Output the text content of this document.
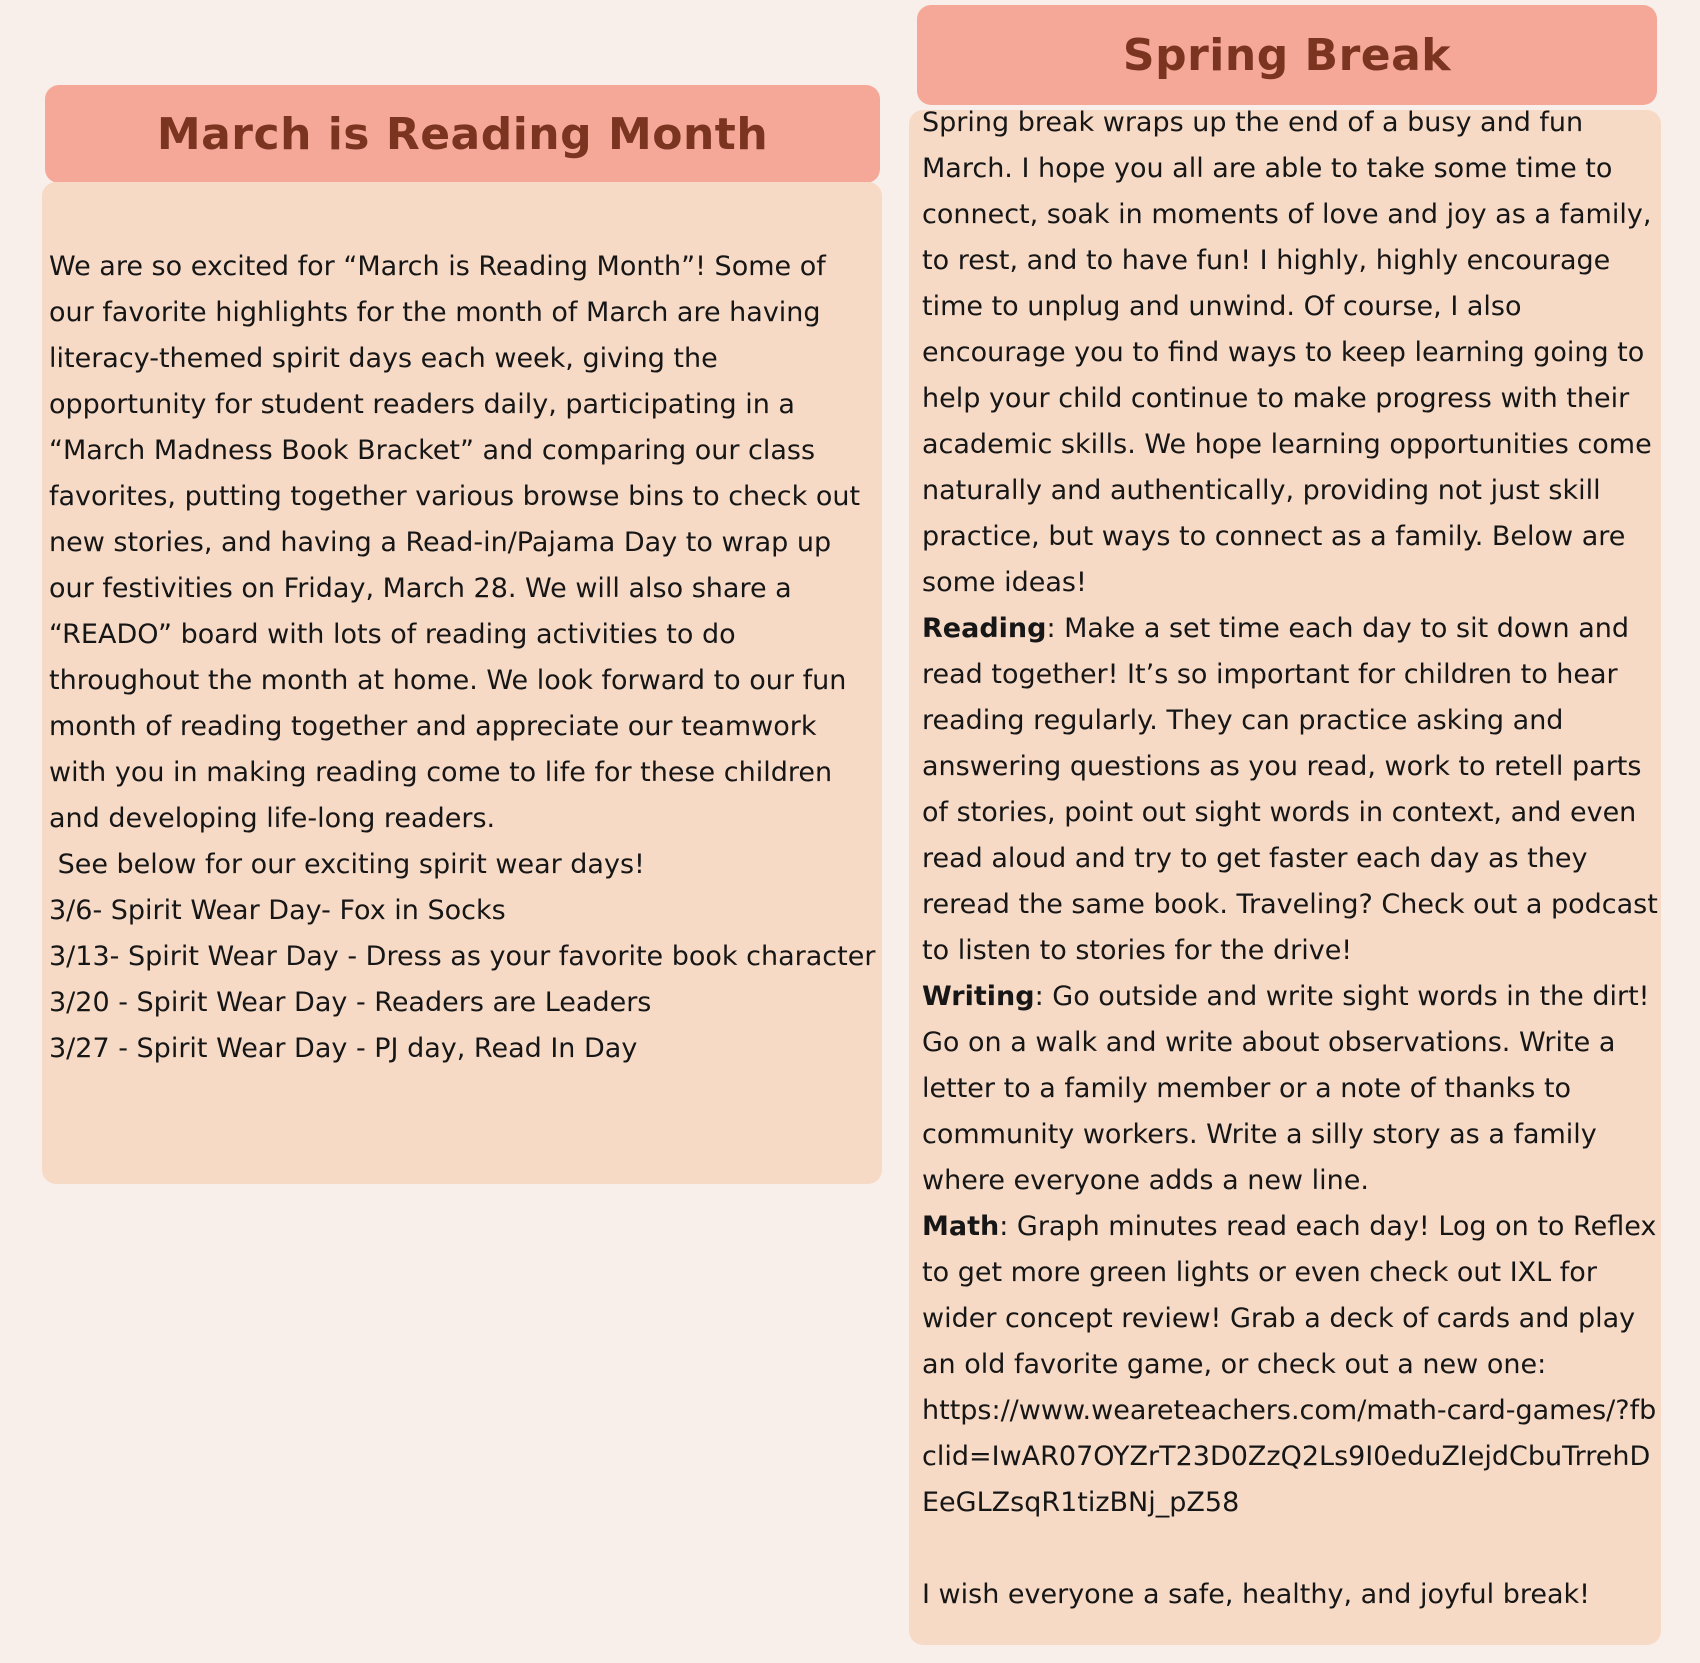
March is Reading Month

We are so excited for “March is Reading Month”! Some of our favorite highlights for the month of March are having literacy-themed spirit days each week, giving the opportunity for student readers daily, participating in a “March Madness Book Bracket” and comparing our class favorites, putting together various browse bins to check out new stories, and having a Read-in/Pajama Day to wrap up our festivities on Friday, March 28. We will also share a “READO” board with lots of reading activities to do throughout the month at home. We look forward to our fun month of reading together and appreciate our teamwork with you in making reading come to life for these children and developing life-long readers.

See below for our exciting spirit wear days!

3/6- Spirit Wear Day- Fox in Socks

3/13- Spirit Wear Day - Dress as your favorite book character

3/20 - Spirit Wear Day - Readers are Leaders

3/27 - Spirit Wear Day - PJ day, Read In Day

Spring Break

Spring break wraps up the end of a busy and fun March. I hope you all are able to take some time to connect, soak in moments of love and joy as a family, to rest, and to have fun! I highly, highly encourage time to unplug and unwind. Of course, I also encourage you to find ways to keep learning going to help your child continue to make progress with their academic skills. We hope learning opportunities come naturally and authentically, providing not just skill practice, but ways to connect as a family. Below are some ideas!

Reading: Make a set time each day to sit down and read together! It’s so important for children to hear reading regularly. They can practice asking and answering questions as you read, work to retell parts of stories, point out sight words in context, and even read aloud and try to get faster each day as they reread the same book. Traveling? Check out a podcast to listen to stories for the drive!

Writing: Go outside and write sight words in the dirt! Go on a walk and write about observations. Write a letter to a family member or a note of thanks to community workers. Write a silly story as a family where everyone adds a new line.

Math: Graph minutes read each day! Log on to Reflex to get more green lights or even check out IXL for wider concept review! Grab a deck of cards and play an old favorite game, or check out a new one:

https://www.weareteachers.com/math-card-games/?fbclid=IwAR07OYZrT23D0ZzQ2Ls9I0eduZIejdCbuTrrehDEeGLZsqR1tizBNj_pZ58

I wish everyone a safe, healthy, and joyful break!
